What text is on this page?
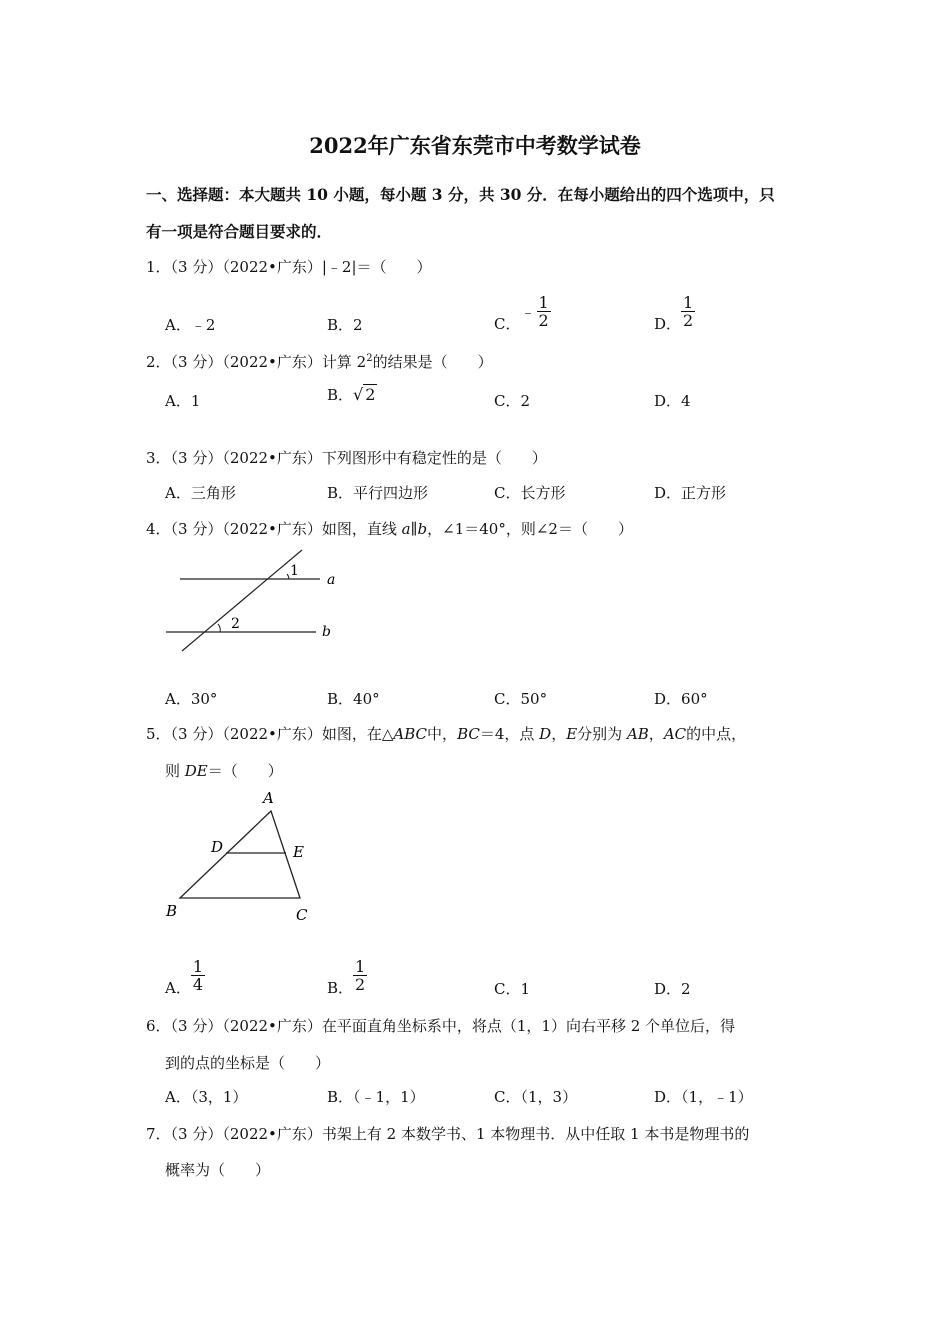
2022年广东省东莞市中考数学试卷
一、选择题：本大题共 10 小题，每小题 3 分，共 30 分．在每小题给出的四个选项中，只
有一项是符合题目要求的．
1．（3 分）（2022•广东）|﹣2|＝（　　）
A．﹣2	B．2	C．﹣ $\frac{1}{2}$	D． $\frac{1}{2}$
2．（3 分）（2022•广东）计算 $2^2$的结果是（　　）
A．1	B．√ 2	C．2	D．4
3．（3 分）（2022•广东）下列图形中有稳定性的是（　　）
A．三角形	B．平行四边形	C．长方形	D．正方形
4．（3 分）（2022•广东）如图，直线 a∥b，∠1＝40°，则∠2＝（　　）
1
2
a
b
A．30°	B．40°	C．50°	D．60°
5．（3 分）（2022•广东）如图，在△ABC中，BC＝4，点 D，E分别为 AB，AC的中点，
则 DE＝（　　）
A
B	C
D	E
A． $\frac{1}{4}$	B． $\frac{1}{2}$	C．1	D．2
6．（3 分）（2022•广东）在平面直角坐标系中，将点（1，1）向右平移 2 个单位后，得
到的点的坐标是（　　）
A．（3，1）	B．（﹣1，1）	C．（1，3）	D．（1，﹣1）
7．（3 分）（2022•广东）书架上有 2 本数学书、1 本物理书．从中任取 1 本书是物理书的
概率为（　　）
